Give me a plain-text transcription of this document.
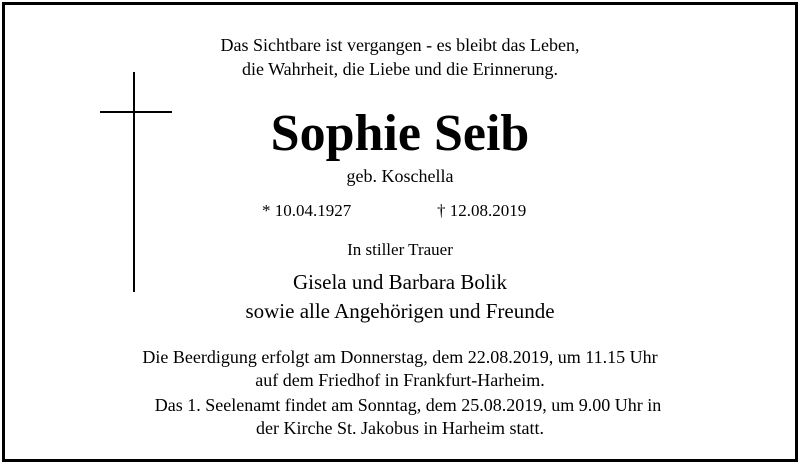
Das Sichtbare ist vergangen - es bleibt das Leben,
die Wahrheit, die Liebe und die Erinnerung.
Sophie Seib
geb. Koschella
* 10.04.1927	† 12.08.2019
In stiller Trauer
Gisela und Barbara Bolik
sowie alle Angehörigen und Freunde
Die Beerdigung erfolgt am Donnerstag, dem 22.08.2019, um 11.15 Uhr
auf dem Friedhof in Frankfurt-Harheim.
Das 1. Seelenamt findet am Sonntag, dem 25.08.2019, um 9.00 Uhr in
der Kirche St. Jakobus in Harheim statt.
